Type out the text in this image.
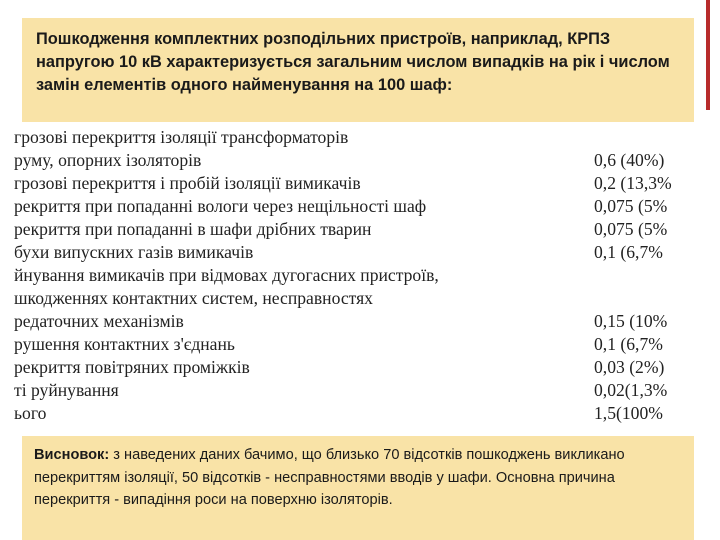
Пошкодження комплектних розподільних пристроїв, наприклад, КРПЗ напругою 10 кВ характеризується загальним числом випадків на рік і числом замін елементів одного найменування на 100 шаф:

грозові перекриття ізоляції трансформаторів
руму, опорних ізоляторів	0,6 (40%)
грозові перекриття і пробій ізоляції вимикачів	0,2 (13,3%
рекриття при попаданні вологи через нещільності шаф	0,075 (5%
рекриття при попаданні в шафи дрібних тварин	0,075 (5%
бухи випускних газів вимикачів	0,1 (6,7%
йнування вимикачів при відмовах дугогасних пристроїв,
шкодженнях контактних систем, несправностях
редаточних механізмів	0,15 (10%
рушення контактних з'єднань	0,1 (6,7%
рекриття повітряних проміжків	0,03 (2%)
ті руйнування	0,02(1,3%
ього	1,5(100%

Висновок: з наведених даних бачимо, що близько 70 відсотків пошкоджень викликано перекриттям ізоляції, 50 відсотків - несправностями вводів у шафи. Основна причина перекриття - випадіння роси на поверхню ізоляторів.
